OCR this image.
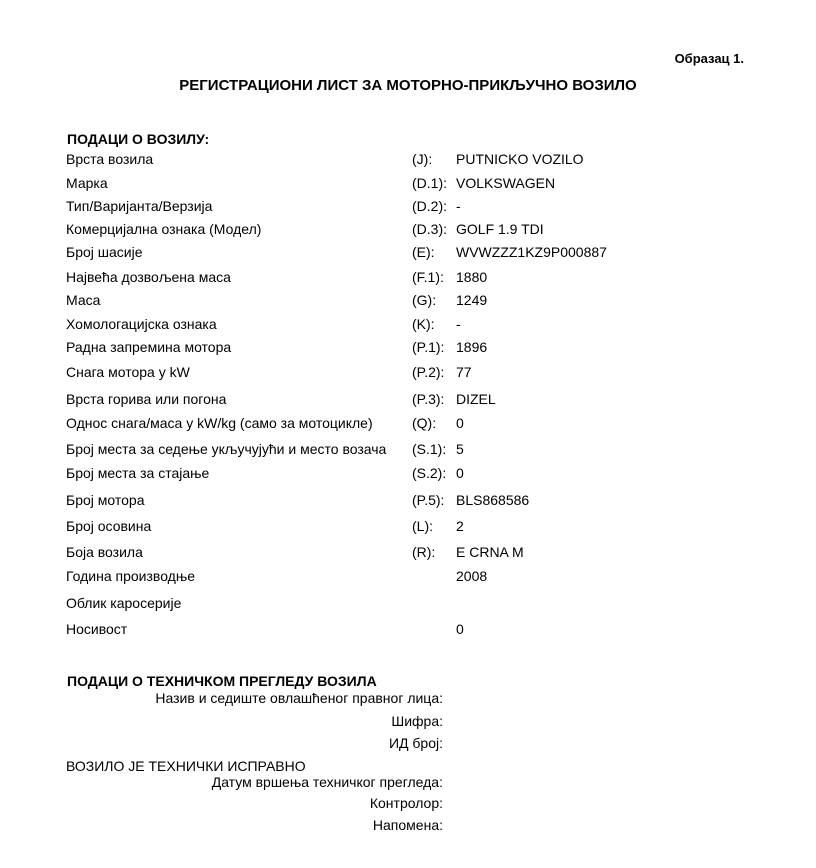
Образац 1.
РЕГИСТРАЦИОНИ ЛИСТ ЗА МОТОРНО-ПРИКЉУЧНО ВОЗИЛО
ПОДАЦИ О ВОЗИЛУ:
Врста возила	(J): PUTNICKO VOZILO
Марка	(D.1): VOLKSWAGEN
Тип/Варијанта/Верзија	(D.2): -
Комерцијална ознака (Модел)	(D.3): GOLF 1.9 TDI
Број шасије	(E): WVWZZZ1KZ9P000887
Највећа дозвољена маса	(F.1): 1880
Маса	(G): 1249
Хомологацијска ознака	(K): -
Радна запремина мотора	(P.1): 1896
Снага мотора у kW	(P.2): 77
Врста горива или погона	(P.3): DIZEL
Однос снага/маса у kW/kg (само за мотоцикле)	(Q): 0
Број места за седење укључујући и место возача (S.1): 5
Број места за стајање	(S.2): 0
Број мотора	(P.5): BLS868586
Број осовина	(L): 2
Боја возила	(R): E CRNA M
Година производње	2008
Облик каросерије
Носивост	0
ПОДАЦИ О ТЕХНИЧКОМ ПРЕГЛЕДУ ВОЗИЛА
Назив и седиште овлашћеног правног лица:
Шифра:
ИД број:
ВОЗИЛО ЈЕ ТЕХНИЧКИ ИСПРАВНО
Датум вршења техничког прегледа:
Контролор:
Напомена:
